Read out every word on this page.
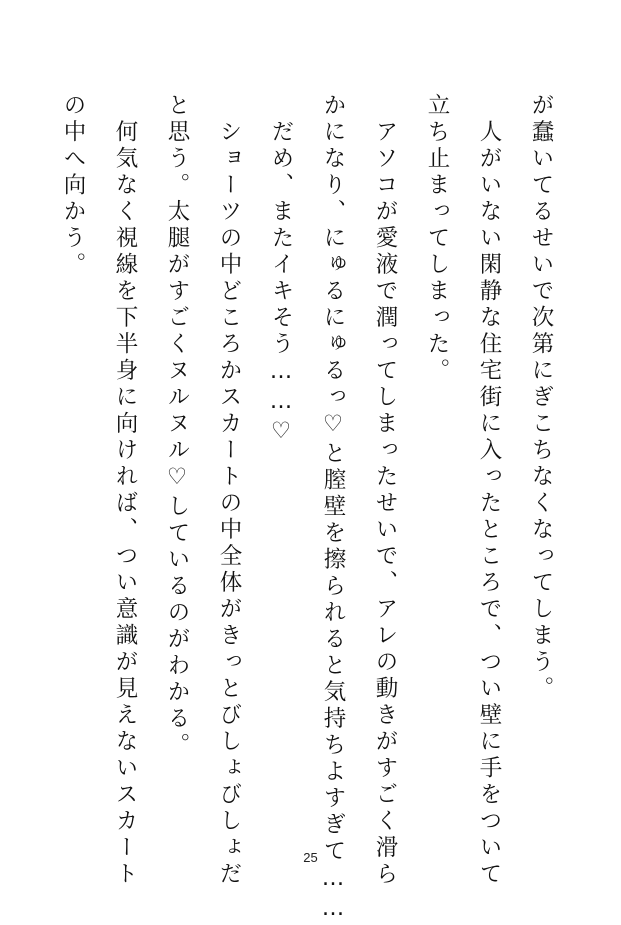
が蠢いてるせいで次第にぎこちなくなってしまう。
　人がいない閑静な住宅街に入ったところで、つい壁に手をついて
立ち止まってしまった。
　アソコが愛液で潤ってしまったせいで、アレの動きがすごく滑ら
かになり、にゅるにゅるっ♡と膣壁を擦られると気持ちよすぎて……
　だめ、またイキそう……♡
　ショーツの中どころかスカートの中全体がきっとびしょびしょだ
と思う。太腿がすごくヌルヌル♡しているのがわかる。
　何気なく視線を下半身に向ければ、つい意識が見えないスカート
の中へ向かう。
25
